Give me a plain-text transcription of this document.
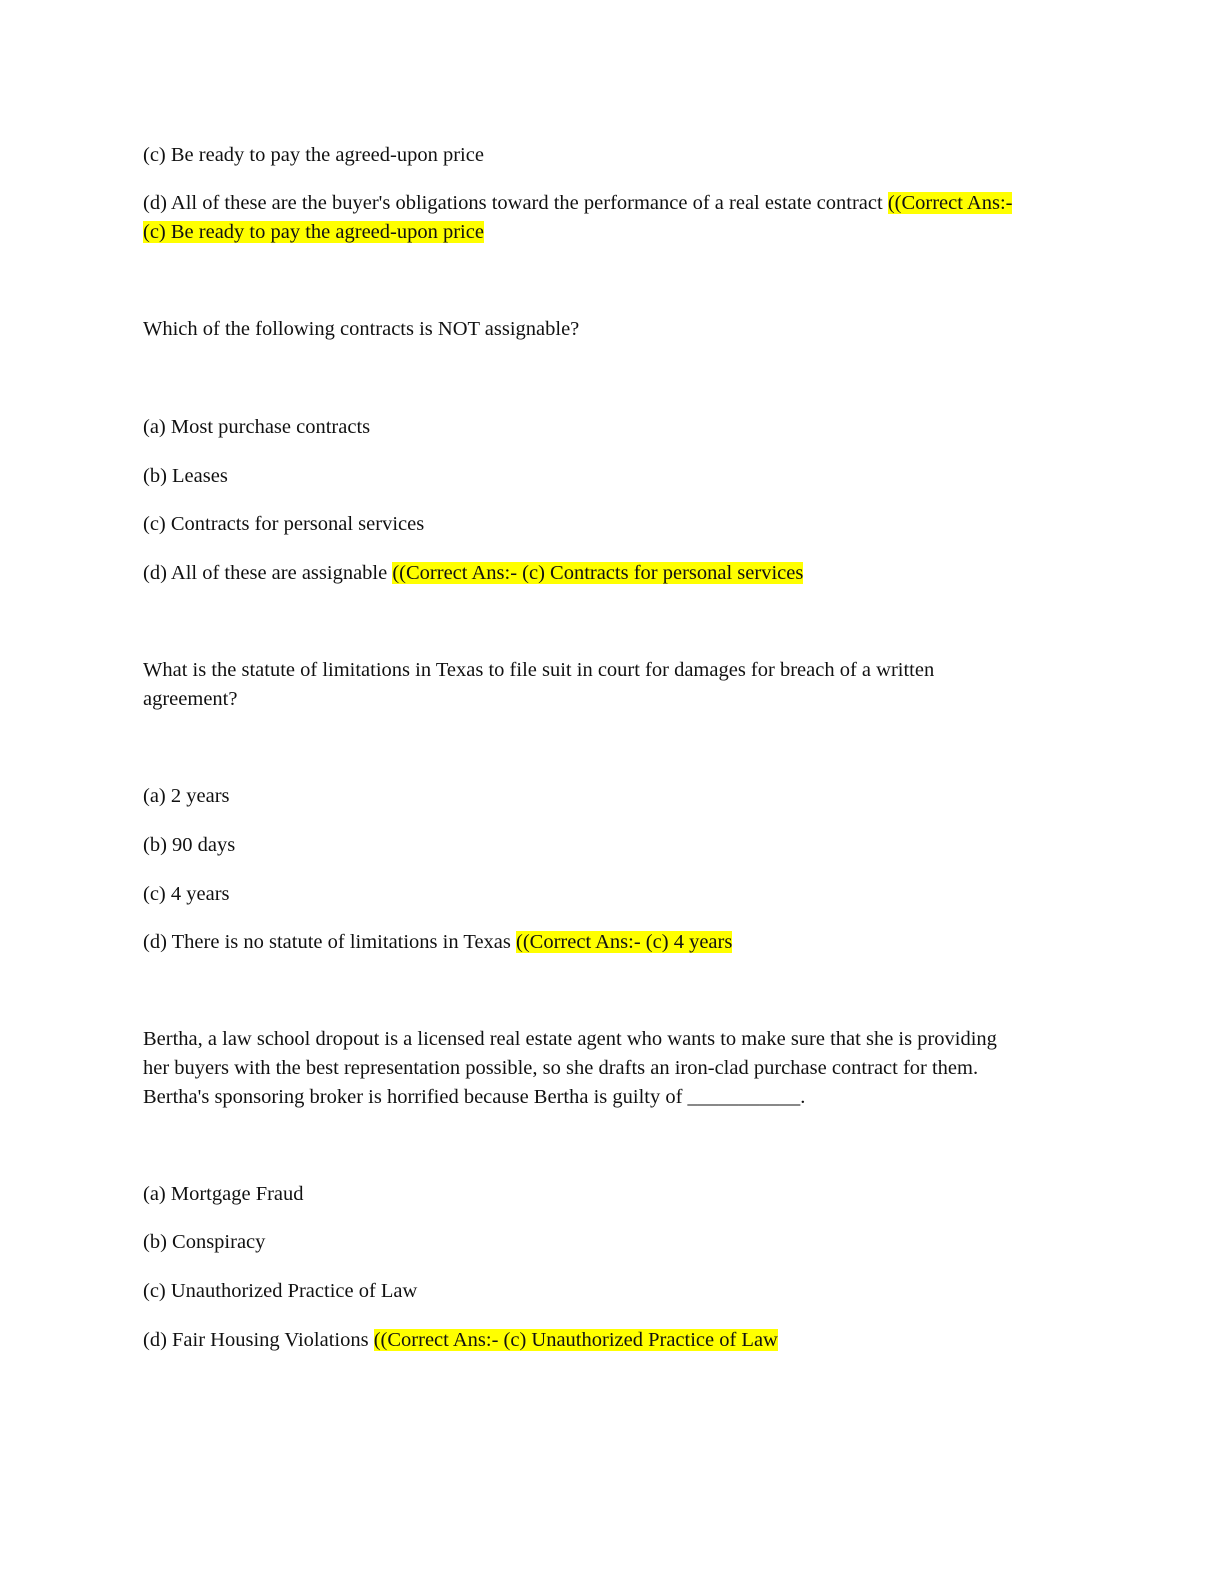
(c) Be ready to pay the agreed-upon price
(d) All of these are the buyer's obligations toward the performance of a real estate contract ((Correct Ans:-
(c) Be ready to pay the agreed-upon price
Which of the following contracts is NOT assignable?
(a) Most purchase contracts
(b) Leases
(c) Contracts for personal services
(d) All of these are assignable ((Correct Ans:- (c) Contracts for personal services
What is the statute of limitations in Texas to file suit in court for damages for breach of a written
agreement?
(a) 2 years
(b) 90 days
(c) 4 years
(d) There is no statute of limitations in Texas ((Correct Ans:- (c) 4 years
Bertha, a law school dropout is a licensed real estate agent who wants to make sure that she is providing
her buyers with the best representation possible, so she drafts an iron-clad purchase contract for them.
Bertha's sponsoring broker is horrified because Bertha is guilty of ___________.
(a) Mortgage Fraud
(b) Conspiracy
(c) Unauthorized Practice of Law
(d) Fair Housing Violations ((Correct Ans:- (c) Unauthorized Practice of Law
